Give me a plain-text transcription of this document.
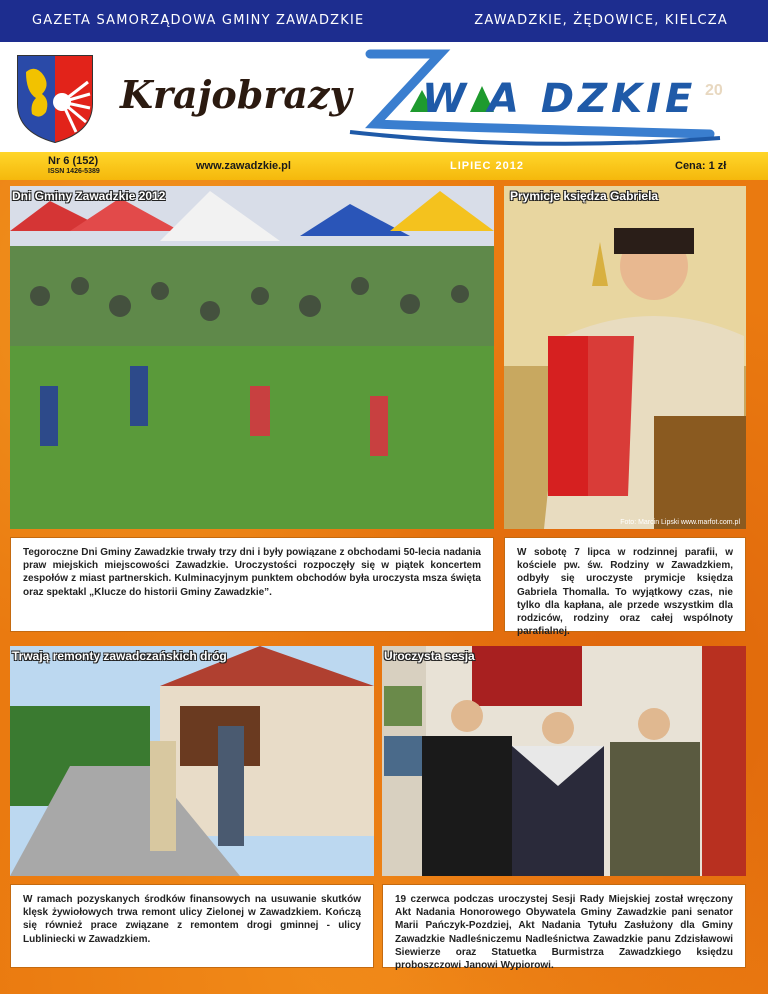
GAZETA SAMORZĄDOWA GMINY ZAWADZKIE	ZAWADZKIE, ŻĘDOWICE, KIELCZA
Krajobrazy W A DZKIE 20
Nr 6 (152)
ISSN 1426-5389	www.zawadzkie.pl	LIPIEC 2012	Cena: 1 zł
Dni Gminy Zawadzkie 2012	Prymicje księdza Gabriela
Foto: Marcin Lipski www.marfot.com.pl
Tegoroczne Dni Gminy Zawadzkie trwały trzy dni i były powiązane z obchodami 50-lecia nadania praw miejskich miejscowości Zawadzkie. Uroczystości rozpoczęły się w piątek koncertem zespołów z miast partnerskich. Kulminacyjnym punktem obchodów była uroczysta msza święta oraz spektakl „Klucze do historii Gminy Zawadzkie”.
W sobotę 7 lipca w rodzinnej parafii, w kościele pw. św. Rodziny w Zawadzkiem, odbyły się uroczyste prymicje księdza Gabriela Thomalla. To wyjątkowy czas, nie tylko dla kapłana, ale przede wszystkim dla rodziców, rodziny oraz całej wspólnoty parafialnej.
Trwają remonty zawadczańskich dróg	Uroczysta sesja
W ramach pozyskanych środków finansowych na usuwanie skutków klęsk żywiołowych trwa remont ulicy Zielonej w Zawadzkiem. Kończą się również prace związane z remontem drogi gminnej - ulicy Lubliniecki w Zawadzkiem.
19 czerwca podczas uroczystej Sesji Rady Miejskiej został wręczony Akt Nadania Honorowego Obywatela Gminy Zawadzkie pani senator Marii Pańczyk-Pozdziej, Akt Nadania Tytułu Zasłużony dla Gminy Zawadzkie Nadleśniczemu Nadleśnictwa Zawadzkie panu Zdzisławowi Siewierze oraz Statuetka Burmistrza Zawadzkiego księdzu proboszczowi Janowi Wypiorowi.
